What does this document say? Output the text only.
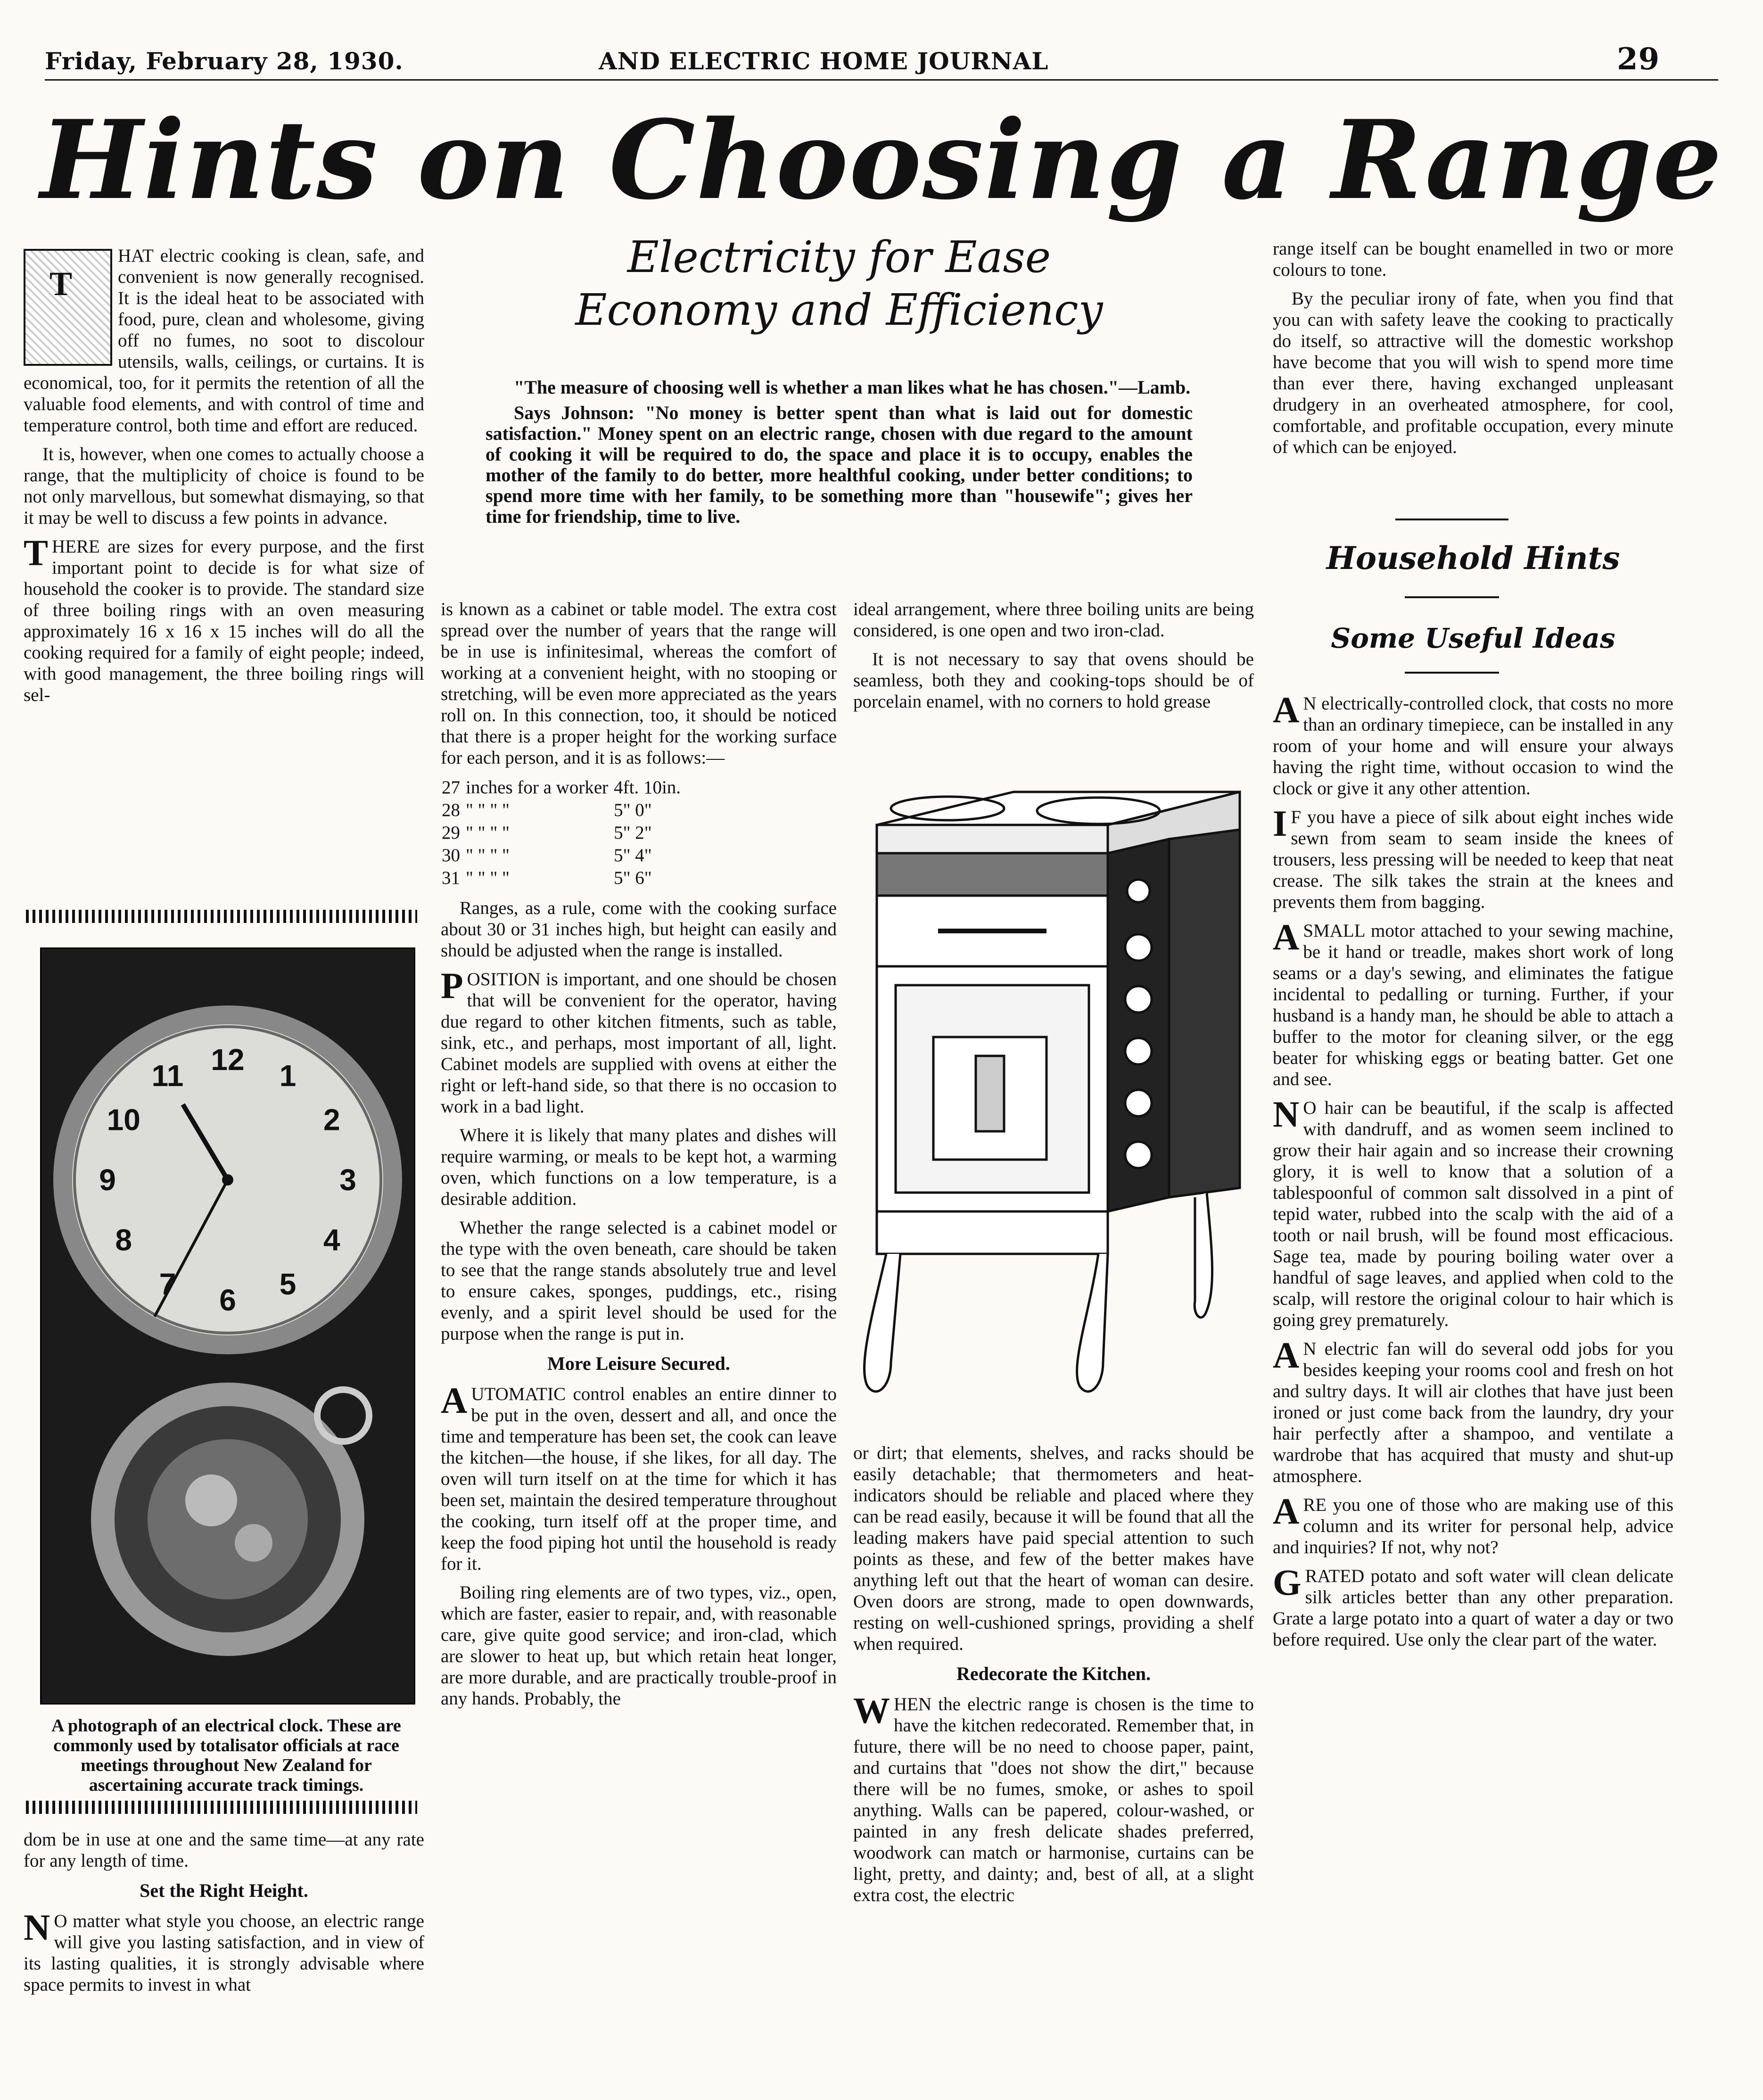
Friday, February 28, 1930.	AND ELECTRIC HOME JOURNAL	29
Hints on Choosing a Range

T
HAT electric cooking is clean, safe, and convenient is now generally recognised. It is the ideal heat to be associated with food, pure, clean and wholesome, giving off no fumes, no soot to discolour utensils, walls, ceilings, or curtains. It is economical, too, for it permits the retention of all the valuable food elements, and with control of time and temperature control, both time and effort are reduced.

It is, however, when one comes to actually choose a range, that the multiplicity of choice is found to be not only marvellous, but somewhat dismaying, so that it may be well to discuss a few points in advance.

THERE are sizes for every purpose, and the first important point to decide is for what size of household the cooker is to provide. The standard size of three boiling rings with an oven measuring approximately 16 x 16 x 15 inches will do all the cooking required for a family of eight people; indeed, with good management, the three boiling rings will sel-

12 1
2
3
4
5
6
7
8
9
10
11
A photograph of an electrical clock. These are commonly used by totalisator officials at race meetings throughout New Zealand for ascertaining accurate track timings.

dom be in use at one and the same time—at any rate for any length of time.

Set the Right Height.

N O matter what style you choose, an electric range will give you lasting satisfaction, and in view of its lasting qualities, it is strongly advisable where space permits to invest in what

Electricity for Ease
Economy and Efficiency

"The measure of choosing well is whether a man likes what he has chosen."—Lamb.

Says Johnson: "No money is better spent than what is laid out for domestic satisfaction." Money spent on an electric range, chosen with due regard to the amount of cooking it will be required to do, the space and place it is to occupy, enables the mother of the family to do better, more healthful cooking, under better conditions; to spend more time with her family, to be something more than "housewife"; gives her time for friendship, time to live.

is known as a cabinet or table model. The extra cost spread over the number of years that the range will be in use is infinitesimal, whereas the comfort of working at a convenient height, with no stooping or stretching, will be even more appreciated as the years roll on. In this connection, too, it should be noticed that there is a proper height for the working surface for each person, and it is as follows:—

27	inches for a worker	4ft. 10in.
28	" " " "	5" 0"
29	" " " "	5" 2"
30	" " " "	5" 4"
31	" " " "	5" 6"

Ranges, as a rule, come with the cooking surface about 30 or 31 inches high, but height can easily and should be adjusted when the range is installed.

POSITION is important, and one should be chosen that will be convenient for the operator, having due regard to other kitchen fitments, such as table, sink, etc., and perhaps, most important of all, light. Cabinet models are supplied with ovens at either the right or left-hand side, so that there is no occasion to work in a bad light.

Where it is likely that many plates and dishes will require warming, or meals to be kept hot, a warming oven, which functions on a low temperature, is a desirable addition.

Whether the range selected is a cabinet model or the type with the oven beneath, care should be taken to see that the range stands absolutely true and level to ensure cakes, sponges, puddings, etc., rising evenly, and a spirit level should be used for the purpose when the range is put in.

More Leisure Secured.

AUTOMATIC control enables an entire dinner to be put in the oven, dessert and all, and once the time and temperature has been set, the cook can leave the kitchen—the house, if she likes, for all day. The oven will turn itself on at the time for which it has been set, maintain the desired temperature throughout the cooking, turn itself off at the proper time, and keep the food piping hot until the household is ready for it.

Boiling ring elements are of two types, viz., open, which are faster, easier to repair, and, with reasonable care, give quite good service; and iron-clad, which are slower to heat up, but which retain heat longer, are more durable, and are practically trouble-proof in any hands. Probably, the

ideal arrangement, where three boiling units are being considered, is one open and two iron-clad.

It is not necessary to say that ovens should be seamless, both they and cooking-tops should be of porcelain enamel, with no corners to hold grease

or dirt; that elements, shelves, and racks should be easily detachable; that thermometers and heat-indicators should be reliable and placed where they can be read easily, because it will be found that all the leading makers have paid special attention to such points as these, and few of the better makes have anything left out that the heart of woman can desire. Oven doors are strong, made to open downwards, resting on well-cushioned springs, providing a shelf when required.

Redecorate the Kitchen.

WHEN the electric range is chosen is the time to have the kitchen redecorated. Remember that, in future, there will be no need to choose paper, paint, and curtains that "does not show the dirt," because there will be no fumes, smoke, or ashes to spoil anything. Walls can be papered, colour-washed, or painted in any fresh delicate shades preferred, woodwork can match or harmonise, curtains can be light, pretty, and dainty; and, best of all, at a slight extra cost, the electric

range itself can be bought enamelled in two or more colours to tone.

By the peculiar irony of fate, when you find that you can with safety leave the cooking to practically do itself, so attractive will the domestic workshop have become that you will wish to spend more time than ever there, having exchanged unpleasant drudgery in an overheated atmosphere, for cool, comfortable, and profitable occupation, every minute of which can be enjoyed.

Household Hints
Some Useful Ideas

A N electrically-controlled clock, that costs no more than an ordinary timepiece, can be installed in any room of your home and will ensure your always having the right time, without occasion to wind the clock or give it any other attention.

I F you have a piece of silk about eight inches wide sewn from seam to seam inside the knees of trousers, less pressing will be needed to keep that neat crease. The silk takes the strain at the knees and prevents them from bagging.

A SMALL motor attached to your sewing machine, be it hand or treadle, makes short work of long seams or a day's sewing, and eliminates the fatigue incidental to pedalling or turning. Further, if your husband is a handy man, he should be able to attach a buffer to the motor for cleaning silver, or the egg beater for whisking eggs or beating batter. Get one and see.

N O hair can be beautiful, if the scalp is affected with dandruff, and as women seem inclined to grow their hair again and so increase their crowning glory, it is well to know that a solution of a tablespoonful of common salt dissolved in a pint of tepid water, rubbed into the scalp with the aid of a tooth or nail brush, will be found most efficacious. Sage tea, made by pouring boiling water over a handful of sage leaves, and applied when cold to the scalp, will restore the original colour to hair which is going grey prematurely.

A N electric fan will do several odd jobs for you besides keeping your rooms cool and fresh on hot and sultry days. It will air clothes that have just been ironed or just come back from the laundry, dry your hair perfectly after a shampoo, and ventilate a wardrobe that has acquired that musty and shut-up atmosphere.

ARE you one of those who are making use of this column and its writer for personal help, advice and inquiries? If not, why not?

GRATED potato and soft water will clean delicate silk articles better than any other preparation. Grate a large potato into a quart of water a day or two before required. Use only the clear part of the water.
